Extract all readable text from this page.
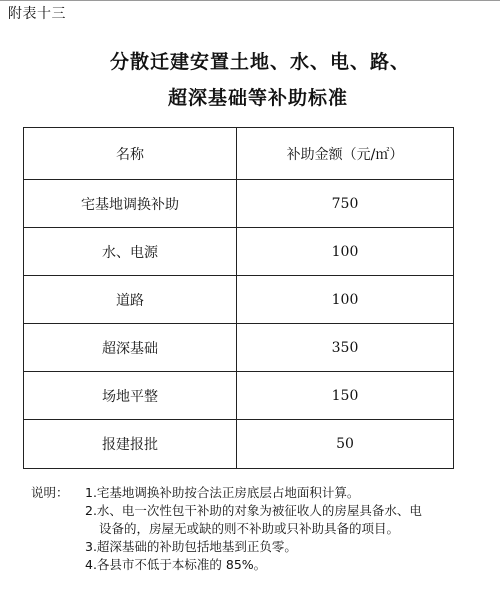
附表十三
分散迁建安置土地、水、电、路、
超深基础等补助标准
名称	补助金额（元/㎡）
宅基地调换补助	750
水、电源	100
道路	100
超深基础	350
场地平整	150
报建报批	50
说明： 1.宅基地调换补助按合法正房底层占地面积计算。
2.水、电一次性包干补助的对象为被征收人的房屋具备水、电
设备的，房屋无或缺的则不补助或只补助具备的项目。
3.超深基础的补助包括地基到正负零。
4.各县市不低于本标准的 85%。
